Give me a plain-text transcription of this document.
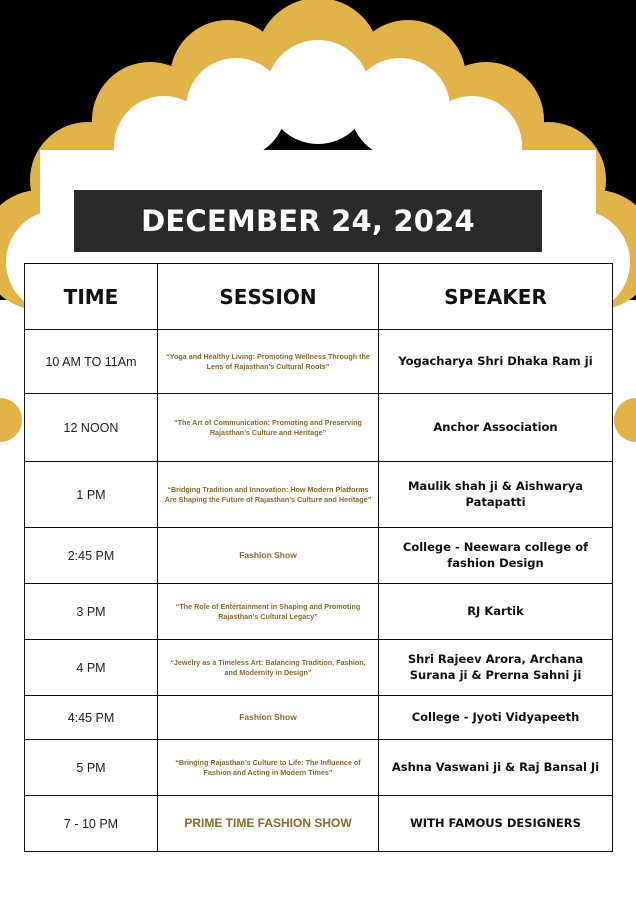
DECEMBER 24, 2024
TIME	SESSION	SPEAKER
10 AM TO 11Am	“Yoga and Healthy Living: Promoting Wellness Through the Lens of Rajasthan’s Cultural Roots”	Yogacharya Shri Dhaka Ram ji
12 NOON	“The Art of Communication: Promoting and Preserving Rajasthan’s Culture and Heritage”	Anchor Association
1 PM	“Bridging Tradition and Innovation: How Modern Platforms Are Shaping the Future of Rajasthan’s Culture and Heritage”	Maulik shah ji & Aishwarya Patapatti
2:45 PM	Fashion Show	College - Neewara college of fashion Design
3 PM	“The Role of Entertainment in Shaping and Promoting Rajasthan’s Cultural Legacy”	RJ Kartik
4 PM	“Jewelry as a Timeless Art: Balancing Tradition, Fashion, and Modernity in Design”	Shri Rajeev Arora, Archana Surana ji & Prerna Sahni ji
4:45 PM	Fashion Show	College - Jyoti Vidyapeeth
5 PM	“Bringing Rajasthan’s Culture to Life: The Influence of Fashion and Acting in Modern Times”	Ashna Vaswani ji & Raj Bansal Ji
7 - 10 PM	PRIME TIME FASHION SHOW	WITH FAMOUS DESIGNERS
